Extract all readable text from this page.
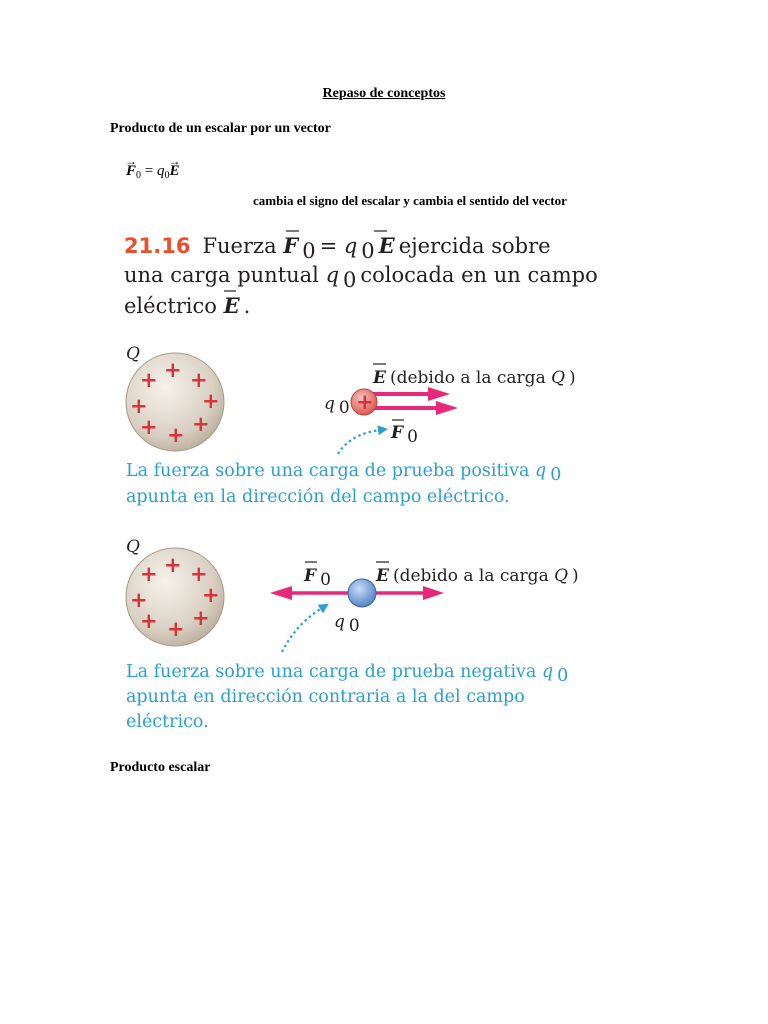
Repaso de conceptos
Producto de un escalar por un vector
→ $F_0 = q_0\to E$
cambia el signo del escalar y cambia el sentido del vector
21.16 Fuerza F 0 = q 0 E ejercida sobre
una carga puntual q 0 colocada en un campo
eléctrico E .
Q
+ + +
+	+
+ + +
E (debido a la carga Q )
q 0 +
F 0
La fuerza sobre una carga de prueba positiva q 0
apunta en la dirección del campo eléctrico.
Q
+ + +
+	+
+ + +
F 0	E (debido a la carga Q )
q 0
La fuerza sobre una carga de prueba negativa q 0
apunta en dirección contraria a la del campo
eléctrico.
Producto escalar
